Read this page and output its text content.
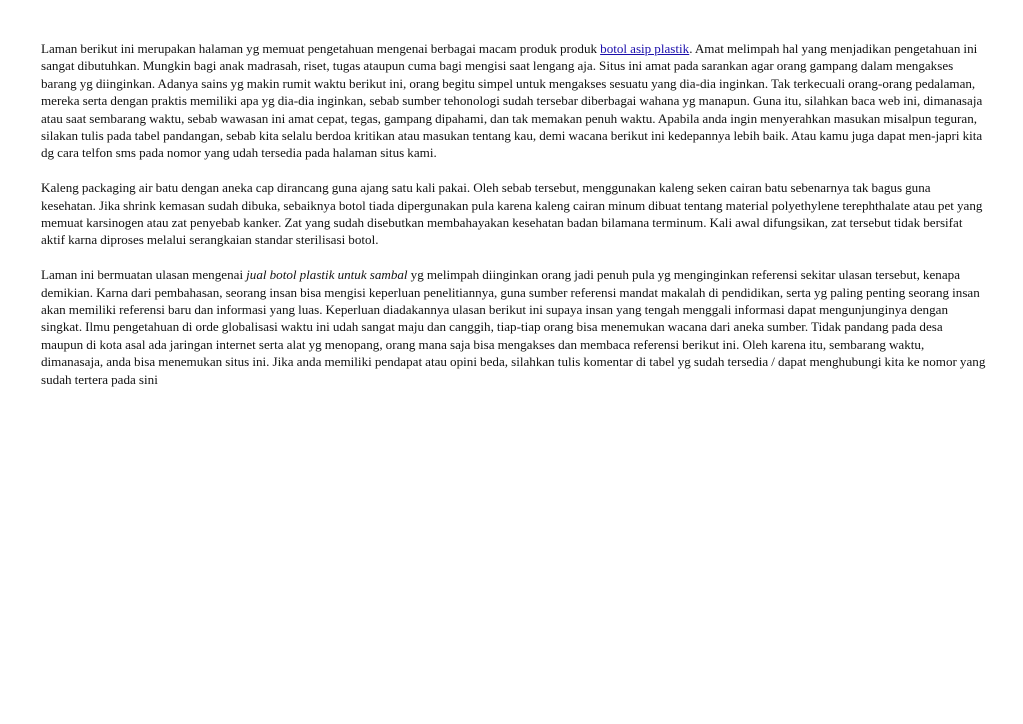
Laman berikut ini merupakan halaman yg memuat pengetahuan mengenai berbagai macam produk produk botol asip plastik. Amat melimpah hal yang menjadikan pengetahuan ini sangat dibutuhkan. Mungkin bagi anak madrasah, riset, tugas ataupun cuma bagi mengisi saat lengang aja. Situs ini amat pada sarankan agar orang gampang dalam mengakses barang yg diinginkan. Adanya sains yg makin rumit waktu berikut ini, orang begitu simpel untuk mengakses sesuatu yang dia-dia inginkan. Tak terkecuali orang-orang pedalaman, mereka serta dengan praktis memiliki apa yg dia-dia inginkan, sebab sumber tehonologi sudah tersebar diberbagai wahana yg manapun. Guna itu, silahkan baca web ini, dimanasaja atau saat sembarang waktu, sebab wawasan ini amat cepat, tegas, gampang dipahami, dan tak memakan penuh waktu. Apabila anda ingin menyerahkan masukan misalpun teguran, silakan tulis pada tabel pandangan, sebab kita selalu berdoa kritikan atau masukan tentang kau, demi wacana berikut ini kedepannya lebih baik. Atau kamu juga dapat men-japri kita dg cara telfon sms pada nomor yang udah tersedia pada halaman situs kami.

Kaleng packaging air batu dengan aneka cap dirancang guna ajang satu kali pakai. Oleh sebab tersebut, menggunakan kaleng seken cairan batu sebenarnya tak bagus guna kesehatan. Jika shrink kemasan sudah dibuka, sebaiknya botol tiada dipergunakan pula karena kaleng cairan minum dibuat tentang material polyethylene terephthalate atau pet yang memuat karsinogen atau zat penyebab kanker. Zat yang sudah disebutkan membahayakan kesehatan badan bilamana terminum. Kali awal difungsikan, zat tersebut tidak bersifat aktif karna diproses melalui serangkaian standar sterilisasi botol.

Laman ini bermuatan ulasan mengenai jual botol plastik untuk sambal yg melimpah diinginkan orang jadi penuh pula yg menginginkan referensi sekitar ulasan tersebut, kenapa demikian. Karna dari pembahasan, seorang insan bisa mengisi keperluan penelitiannya, guna sumber referensi mandat makalah di pendidikan, serta yg paling penting seorang insan akan memiliki referensi baru dan informasi yang luas. Keperluan diadakannya ulasan berikut ini supaya insan yang tengah menggali informasi dapat mengunjunginya dengan singkat. Ilmu pengetahuan di orde globalisasi waktu ini udah sangat maju dan canggih, tiap-tiap orang bisa menemukan wacana dari aneka sumber. Tidak pandang pada desa maupun di kota asal ada jaringan internet serta alat yg menopang, orang mana saja bisa mengakses dan membaca referensi berikut ini. Oleh karena itu, sembarang waktu, dimanasaja, anda bisa menemukan situs ini. Jika anda memiliki pendapat atau opini beda, silahkan tulis komentar di tabel yg sudah tersedia / dapat menghubungi kita ke nomor yang sudah tertera pada sini
